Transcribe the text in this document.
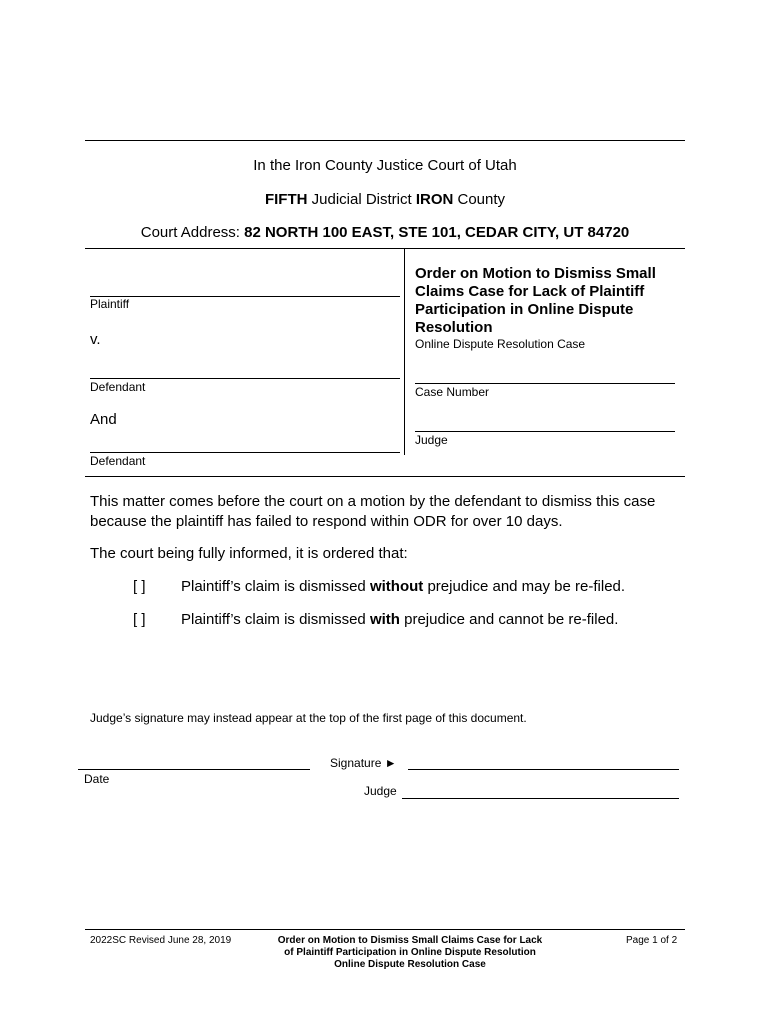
In the Iron County Justice Court of Utah
FIFTH Judicial District IRON County
Court Address: 82 NORTH 100 EAST, STE 101, CEDAR CITY, UT 84720
Plaintiff
v.
Defendant
And
Defendant
Order on Motion to Dismiss Small Claims Case for Lack of Plaintiff Participation in Online Dispute Resolution
Online Dispute Resolution Case
Case Number
Judge
This matter comes before the court on a motion by the defendant to dismiss this case because the plaintiff has failed to respond within ODR for over 10 days.
The court being fully informed, it is ordered that:
[ ] Plaintiff’s claim is dismissed without prejudice and may be re-filed.
[ ] Plaintiff’s claim is dismissed with prejudice and cannot be re-filed.
Judge’s signature may instead appear at the top of the first page of this document.
Date
Signature ►
Judge
2022SC Revised June 28, 2019	Order on Motion to Dismiss Small Claims Case for Lack
of Plaintiff Participation in Online Dispute Resolution
Online Dispute Resolution Case
Page 1 of 2
